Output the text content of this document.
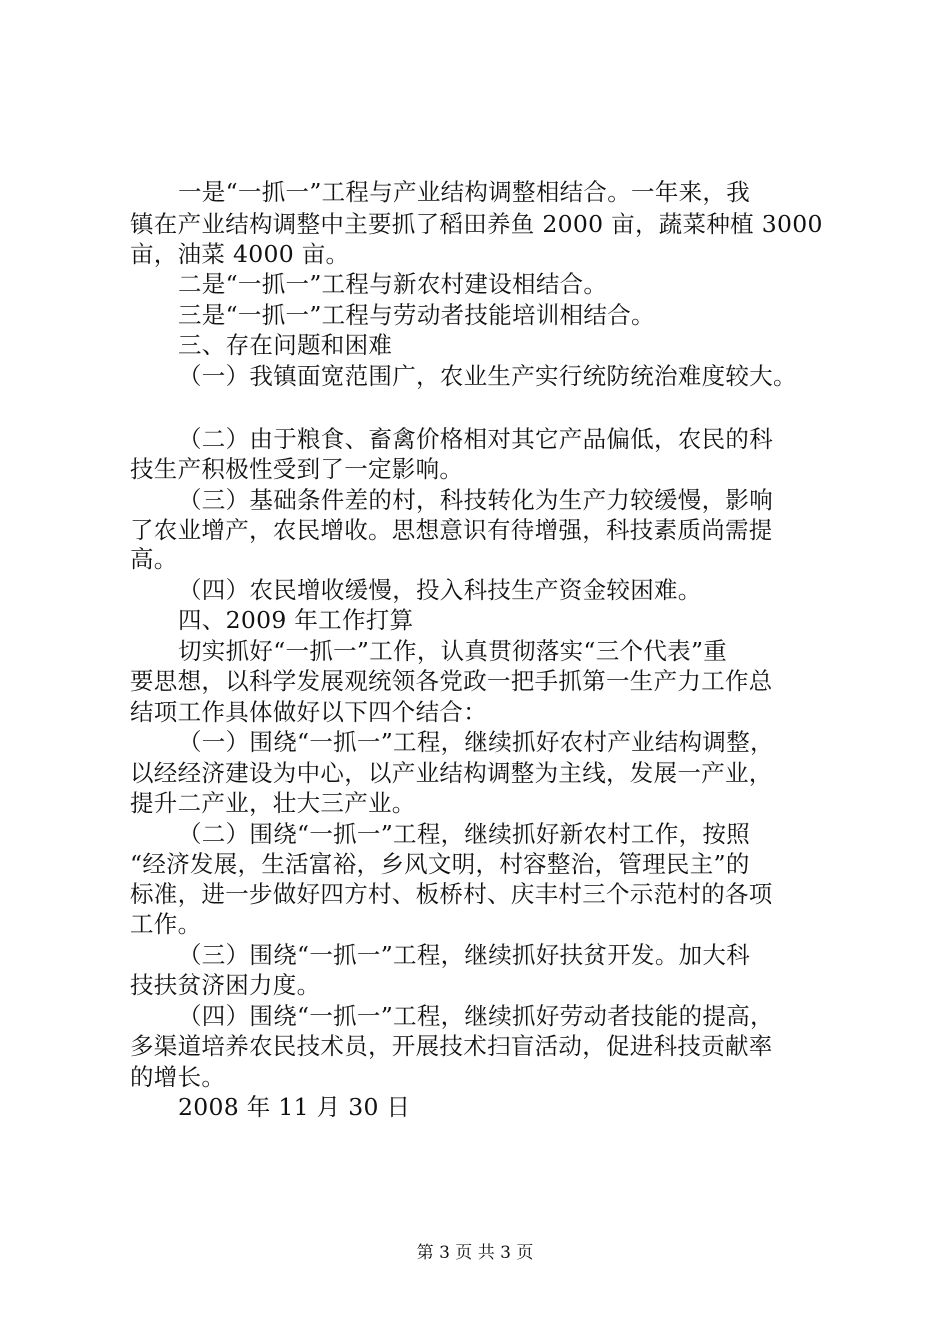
一是“一抓一”工程与产业结构调整相结合。一年来，我
镇在产业结构调整中主要抓了稻田养鱼 2000 亩，蔬菜种植 3000
亩，油菜 4000 亩。
二是“一抓一”工程与新农村建设相结合。
三是“一抓一”工程与劳动者技能培训相结合。
三、存在问题和困难
（一）我镇面宽范围广，农业生产实行统防统治难度较大。
（二）由于粮食、畜禽价格相对其它产品偏低，农民的科
技生产积极性受到了一定影响。
（三）基础条件差的村，科技转化为生产力较缓慢，影响
了农业增产，农民增收。思想意识有待增强，科技素质尚需提
高。
（四）农民增收缓慢，投入科技生产资金较困难。
四、2009 年工作打算
切实抓好“一抓一”工作，认真贯彻落实“三个代表”重
要思想，以科学发展观统领各党政一把手抓第一生产力工作总
结项工作具体做好以下四个结合：
（一）围绕“一抓一”工程，继续抓好农村产业结构调整，
以经经济建设为中心，以产业结构调整为主线，发展一产业，
提升二产业，壮大三产业。
（二）围绕“一抓一”工程，继续抓好新农村工作，按照
“经济发展，生活富裕，乡风文明，村容整治，管理民主”的
标准，进一步做好四方村、板桥村、庆丰村三个示范村的各项
工作。
（三）围绕“一抓一”工程，继续抓好扶贫开发。加大科
技扶贫济困力度。
（四）围绕“一抓一”工程，继续抓好劳动者技能的提高，
多渠道培养农民技术员，开展技术扫盲活动，促进科技贡献率
的增长。
2008 年 11 月 30 日
第 3 页 共 3 页
